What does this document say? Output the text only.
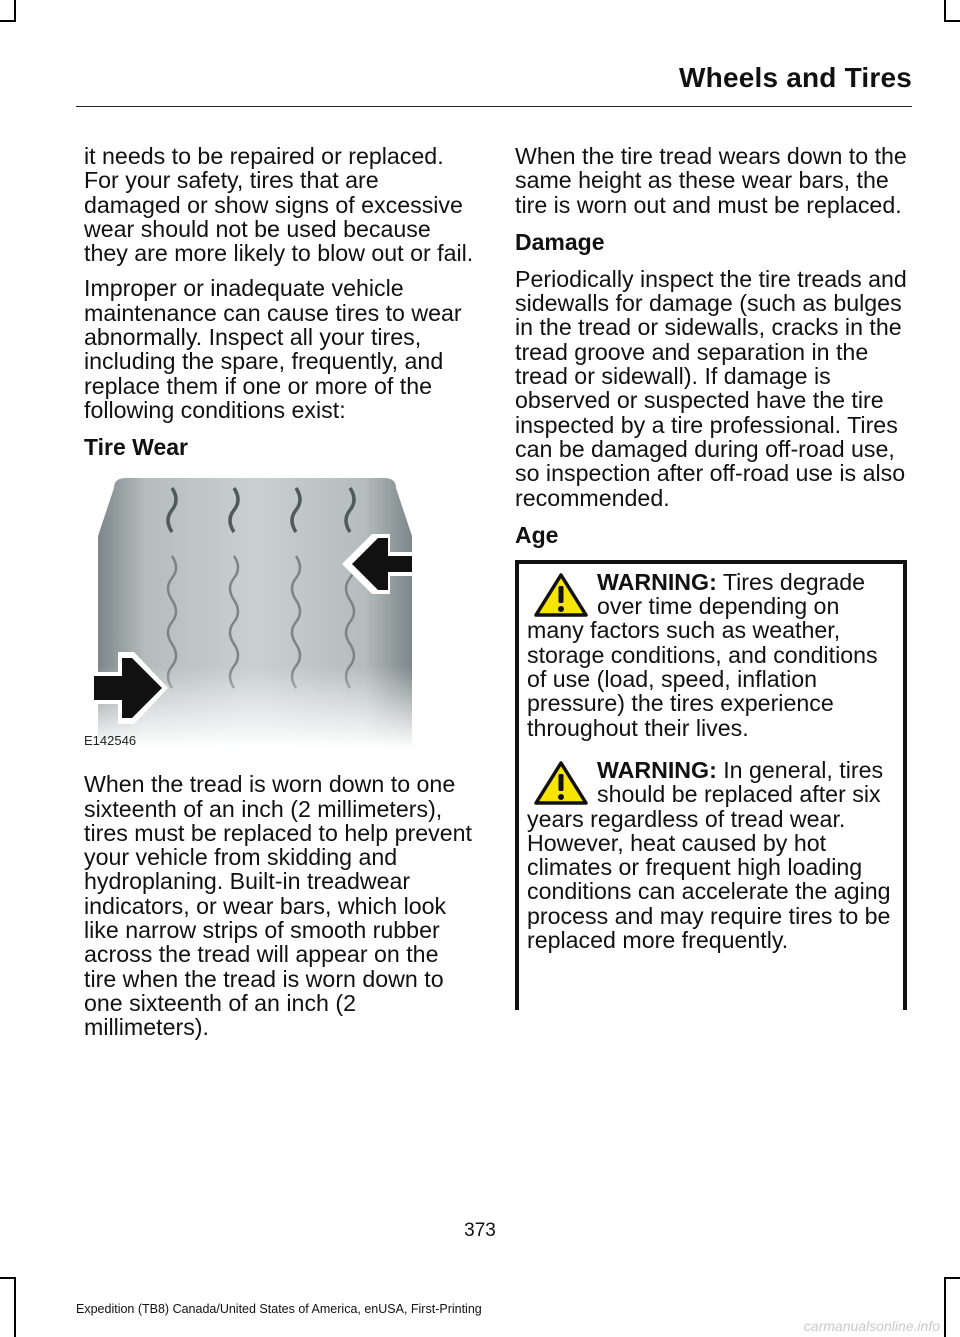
Wheels and Tires

it needs to be repaired or replaced. For your safety, tires that are damaged or show signs of excessive wear should not be used because they are more likely to blow out or fail.

Improper or inadequate vehicle maintenance can cause tires to wear abnormally. Inspect all your tires, including the spare, frequently, and replace them if one or more of the following conditions exist:

Tire Wear
E142546

When the tread is worn down to one sixteenth of an inch (2 millimeters), tires must be replaced to help prevent your vehicle from skidding and hydroplaning. Built-in treadwear indicators, or wear bars, which look like narrow strips of smooth rubber across the tread will appear on the tire when the tread is worn down to one sixteenth of an inch (2 millimeters).

When the tire tread wears down to the same height as these wear bars, the tire is worn out and must be replaced.

Damage

Periodically inspect the tire treads and sidewalls for damage (such as bulges in the tread or sidewalls, cracks in the tread groove and separation in the tread or sidewall). If damage is observed or suspected have the tire inspected by a tire professional. Tires can be damaged during off-road use, so inspection after off-road use is also recommended.

Age
WARNING: Tires degrade over time depending on many factors such as weather, storage conditions, and conditions of use (load, speed, inflation pressure) the tires experience throughout their lives.
WARNING: In general, tires should be replaced after six years regardless of tread wear. However, heat caused by hot climates or frequent high loading conditions can accelerate the aging process and may require tires to be replaced more frequently.
373
Expedition (TB8) Canada/United States of America, enUSA, First-Printing
carmanualsonline.info
